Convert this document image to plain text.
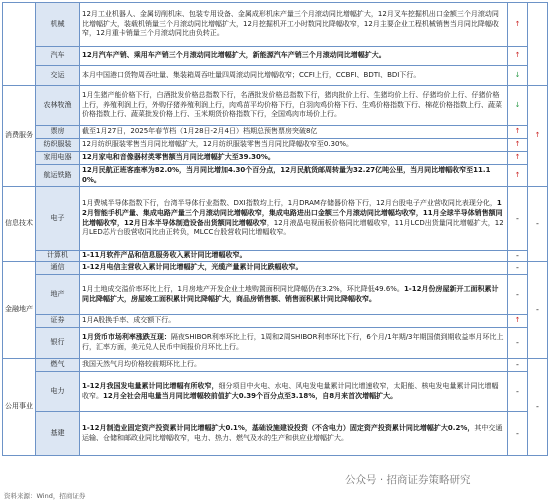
	机械	12月工业机器人、金属切削机床、包装专用设备、金属成形机床产量三个月滚动同比增幅扩大，12月叉车挖掘机出口金额三个月滚动同比增幅扩大，装载机销量三个月滚动同比增幅扩大，12月挖掘机开工小时数同比降幅收窄，12月主要企业工程机械销售当月同比降幅收窄，12月重卡销量三个月滚动同比由负转正。	↑	
	汽车	12月汽车产销、乘用车产销三个月滚动同比增幅扩大，新能源汽车产销三个月滚动同比增幅扩大。	↑	
	交运	本月中国港口货物周吞吐量、集装箱周吞吐量四周滚动同比增幅收窄；CCFI上行，CCBFI、BDTI、BDI下行。	↓	
消费服务	农林牧渔	1月生猪产能价格下行，白酒批发价格总指数下行，名酒批发价格总指数下行，猪肉批价上行、生猪均价上行、仔猪均价上行、仔猪价格上行，养殖利润上行，外购仔猪养殖利润上行，肉鸡苗平均价格下行，白羽肉鸡价格下行、生鸡价格指数下行、棉花价格指数上行、蔬菜价格指数上行、蔬菜批发价格上行、玉米期货价格指数下行，全国鸡肉市场价上行。	↓	↑
	票房	截至1月27日，2025年春节档（1月28日-2月4日）档期总预售票房突破8亿	↑	
	纺织服装	12月纺织服装零售当月同比增幅扩大，12月纺织服装零售当月同比降幅收窄至0.30%。	↑	
	家用电器	12月家电和音像器材类零售额当月同比增幅扩大至39.30%。	↑	
	航运铁路	12月民航正班客座率为82.0%，当月同比增加4.30个百分点，12月民航货邮周转量为32.27亿吨公里，当月同比增幅收窄至11.10%。	↑	
信息技术	电子	1月费城半导体指数下行，台湾半导体行业指数、DXI指数均上行，1月DRAM存储器价格下行，12月台股电子产业营收同比表现分化，12月智能手机产量、集成电路产量三个月滚动同比增幅收窄，集成电路进出口金额三个月滚动同比增幅均收窄，11月全球半导体销售额同比增幅收窄，12月日本半导体制造设备出货额同比增幅收窄，12月液晶电视面板价格同比增幅收窄，11月LCD出货量同比增幅扩大，12月LED芯片台股营收同比由正转负，MLCC台股营收同比增幅收窄。	-	-
	计算机	1-11月软件产品和信息服务收入累计同比增幅收窄。	-	
金融地产	通信	1-12月电信主营收入累计同比增幅扩大，光缆产量累计同比跌幅收窄。	-	-
	地产	1月土地成交溢价率环比上行，1月房地产开发企业土地购置面积同比降幅仍在3.2%，环比降低49.6%。1-12月份房屋新开工面积累计同比降幅扩大，房屋竣工面积累计同比降幅扩大，商品房销售额、销售面积累计同比降幅收窄。	-	
	证券	1月A股换手率、成交额下行。	↑	
	银行	1月货币市场利率涨跌互现：隔夜SHIBOR利率环比上行，1周和2周SHIBOR利率环比下行，6个月/1年期/3年期国债到期收益率月环比上行，汇率方面，美元兑人民币中间报价月环比上行。	-	
公用事业	燃气	我国天然气月均价格较前期环比上行。	-	-
	电力	1-12月我国发电量累计同比增幅有所收窄，细分项目中火电、水电、风电发电量累计同比增速收窄，太阳能、核电发电量累计同比增幅收窄。12月全社会用电量当月同比增幅较前值扩大0.39个百分点至3.18%，自8月来首次增幅扩大。	-	
	基建	1-12月制造业固定资产投资累计同比增幅扩大0.1%，基础设施建设投资（不含电力）固定资产投资累计同比增幅扩大0.2%，其中交通运输、仓储和邮政业同比增幅收窄，电力、热力、燃气及水的生产和供应业增幅扩大。	-	
资料来源：Wind，招商证券
公众号 · 招商证券策略研究
